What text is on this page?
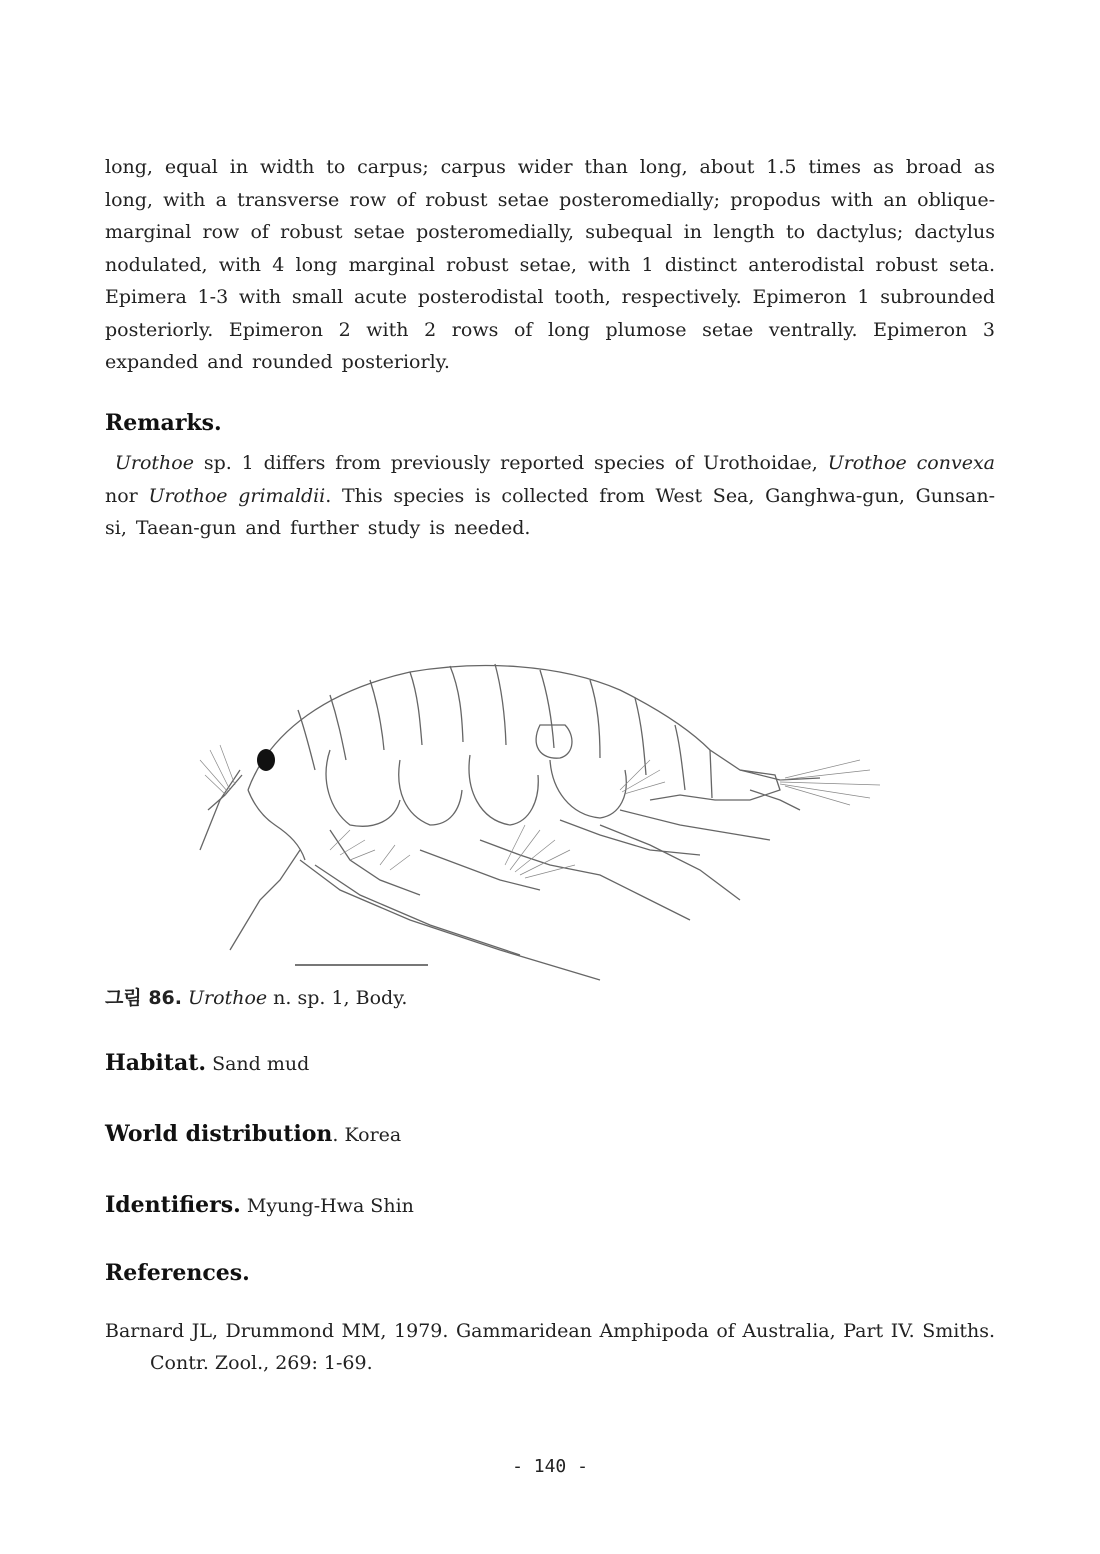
long, equal in width to carpus; carpus wider than long, about 1.5 times as broad as long, with a transverse row of robust setae posteromedially; propodus with an oblique-marginal row of robust setae posteromedially, subequal in length to dactylus; dactylus nodulated, with 4 long marginal robust setae, with 1 distinct anterodistal robust seta. Epimera 1-3 with small acute posterodistal tooth, respectively. Epimeron 1 subrounded posteriorly. Epimeron 2 with 2 rows of long plumose setae ventrally. Epimeron 3 expanded and rounded posteriorly.

Remarks.

Urothoe sp. 1 differs from previously reported species of Urothoidae, Urothoe convexa nor Urothoe grimaldii. This species is collected from West Sea, Ganghwa-gun, Gunsan-si, Taean-gun and further study is needed.

그림 86. Urothoe n. sp. 1, Body.
Habitat. Sand mud
World distribution. Korea
Identifiers. Myung-Hwa Shin
References.
Barnard JL, Drummond MM, 1979. Gammaridean Amphipoda of Australia, Part IV. Smiths. Contr. Zool., 269: 1-69.
- 140 -
